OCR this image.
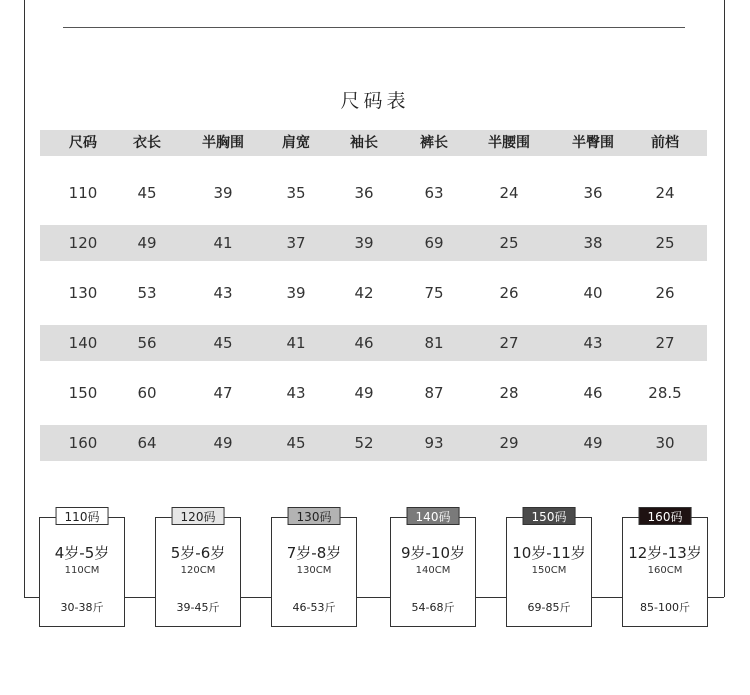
尺码表
尺码	衣长	半胸围	肩宽	袖长	裤长	半腰围	半臀围	前档
110	45	39	35	36	63	24	36	24
120	49	41	37	39	69	25	38	25
130	53	43	39	42	75	26	40	26
140	56	45	41	46	81	27	43	27
150	60	47	43	49	87	28	46	28.5
160	64	49	45	52	93	29	49	30
110码
4岁-5岁
110CM
30-38斤
120码
5岁-6岁
120CM
39-45斤
130码
7岁-8岁
130CM
46-53斤
140码
9岁-10岁
140CM
54-68斤
150码
10岁-11岁
150CM
69-85斤
160码
12岁-13岁
160CM
85-100斤
